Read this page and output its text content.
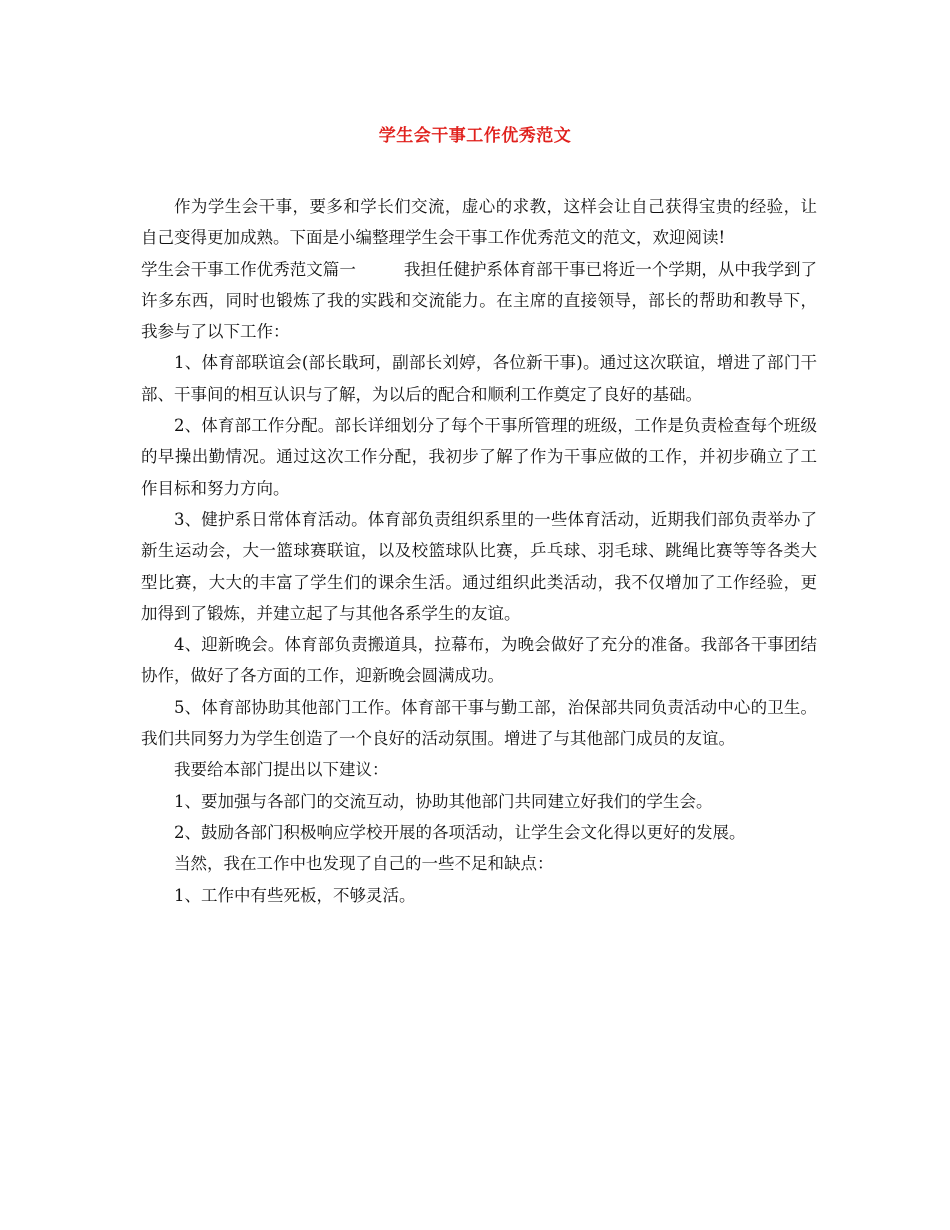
学生会干事工作优秀范文

作为学生会干事，要多和学长们交流，虚心的求教，这样会让自己获得宝贵的经验，让自己变得更加成熟。下面是小编整理学生会干事工作优秀范文的范文，欢迎阅读!

学生会干事工作优秀范文篇一	我担任健护系体育部干事已将近一个学期，从中我学到了许多东西，同时也锻炼了我的实践和交流能力。在主席的直接领导，部长的帮助和教导下，我参与了以下工作：

1、体育部联谊会(部长戢珂，副部长刘婷，各位新干事)。通过这次联谊，增进了部门干部、干事间的相互认识与了解，为以后的配合和顺利工作奠定了良好的基础。

2、体育部工作分配。部长详细划分了每个干事所管理的班级，工作是负责检查每个班级的早操出勤情况。通过这次工作分配，我初步了解了作为干事应做的工作，并初步确立了工作目标和努力方向。

3、健护系日常体育活动。体育部负责组织系里的一些体育活动，近期我们部负责举办了新生运动会，大一篮球赛联谊，以及校篮球队比赛，乒乓球、羽毛球、跳绳比赛等等各类大型比赛，大大的丰富了学生们的课余生活。通过组织此类活动，我不仅增加了工作经验，更加得到了锻炼，并建立起了与其他各系学生的友谊。

4、迎新晚会。体育部负责搬道具，拉幕布，为晚会做好了充分的准备。我部各干事团结协作，做好了各方面的工作，迎新晚会圆满成功。

5、体育部协助其他部门工作。体育部干事与勤工部，治保部共同负责活动中心的卫生。我们共同努力为学生创造了一个良好的活动氛围。增进了与其他部门成员的友谊。

我要给本部门提出以下建议：

1、要加强与各部门的交流互动，协助其他部门共同建立好我们的学生会。

2、鼓励各部门积极响应学校开展的各项活动，让学生会文化得以更好的发展。

当然，我在工作中也发现了自己的一些不足和缺点：

1、工作中有些死板，不够灵活。
